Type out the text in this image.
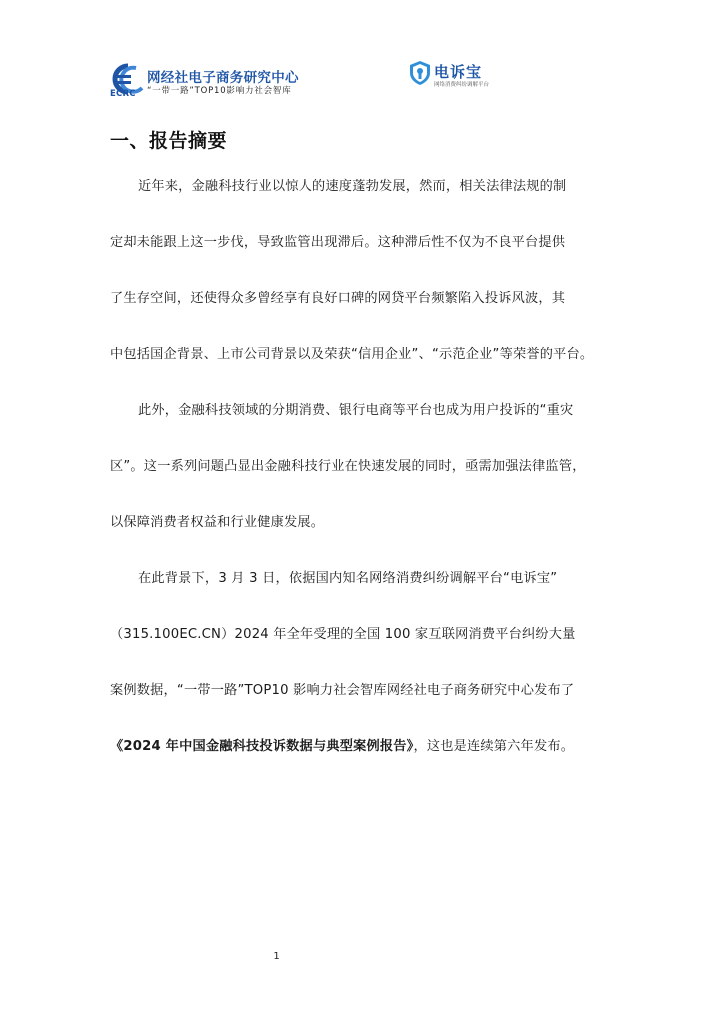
网经社电子商务研究中心
“一带一路”TOP10影响力社会智库
ECRC
电诉宝
网络消费纠纷调解平台
一、报告摘要
近年来，金融科技行业以惊人的速度蓬勃发展，然而，相关法律法规的制
定却未能跟上这一步伐，导致监管出现滞后。这种滞后性不仅为不良平台提供
了生存空间，还使得众多曾经享有良好口碑的网贷平台频繁陷入投诉风波，其
中包括国企背景、上市公司背景以及荣获“信用企业”、“示范企业”等荣誉的平台。
此外，金融科技领域的分期消费、银行电商等平台也成为用户投诉的“重灾
区”。这一系列问题凸显出金融科技行业在快速发展的同时，亟需加强法律监管，
以保障消费者权益和行业健康发展。
在此背景下，3 月 3 日，依据国内知名网络消费纠纷调解平台“电诉宝”
（315.100EC.CN）2024 年全年受理的全国 100 家互联网消费平台纠纷大量
案例数据，“一带一路”TOP10 影响力社会智库网经社电子商务研究中心发布了
《2024 年中国金融科技投诉数据与典型案例报告》，这也是连续第六年发布。
1
